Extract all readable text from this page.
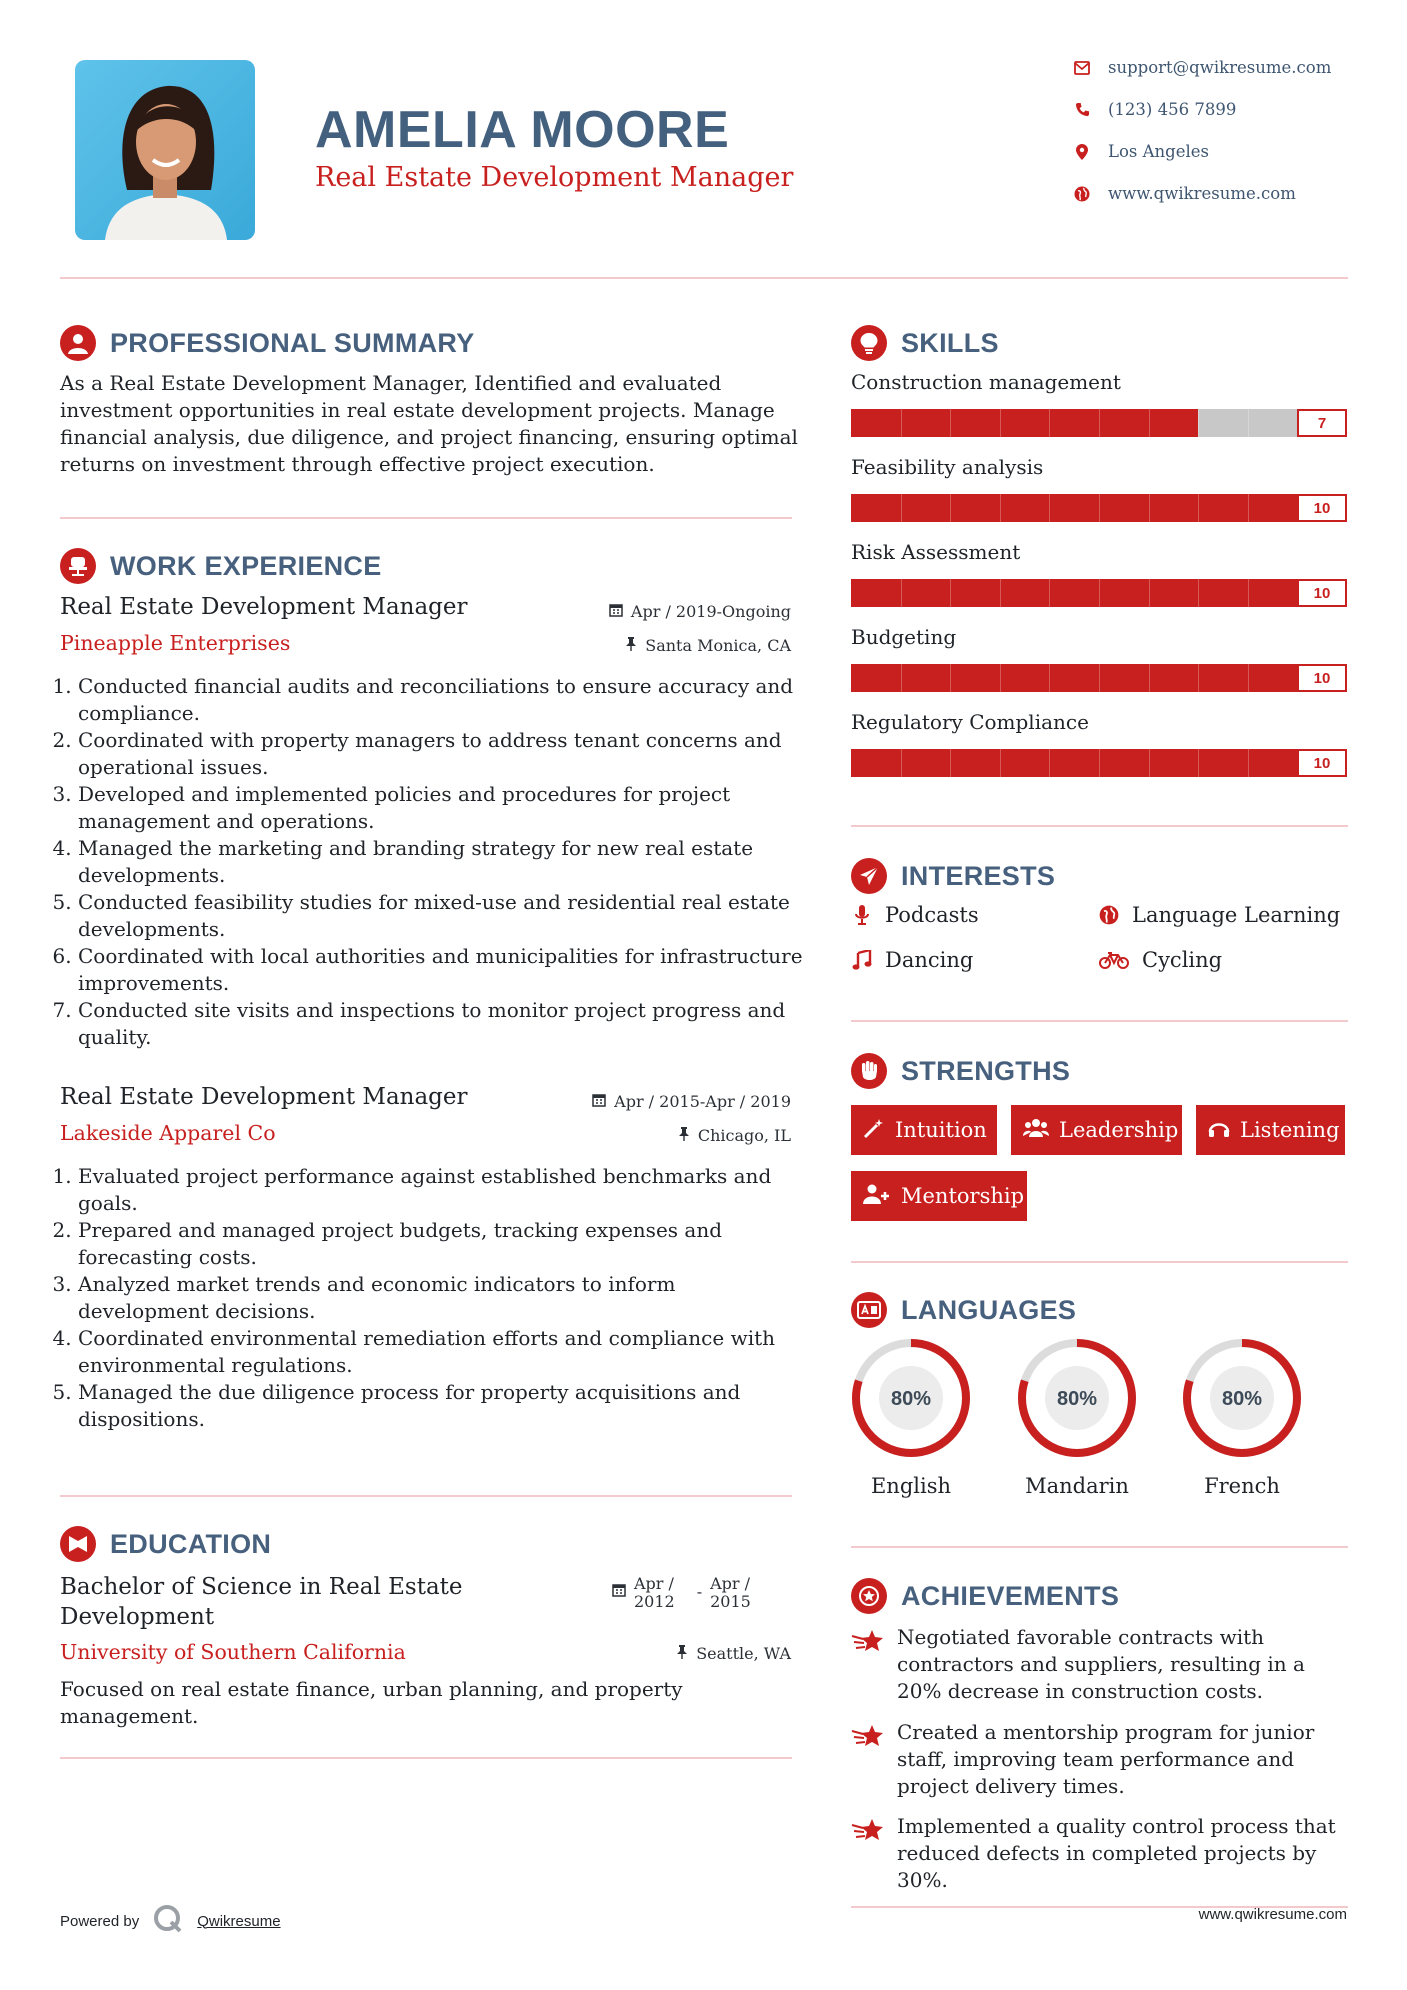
AMELIA MOORE
Real Estate Development Manager
support@qwikresume.com
(123) 456 7899
Los Angeles
www.qwikresume.com
PROFESSIONAL SUMMARY
As a Real Estate Development Manager, Identified and evaluated investment opportunities in real estate development projects. Manage financial analysis, due diligence, and project financing, ensuring optimal returns on investment through effective project execution.
WORK EXPERIENCE
Real Estate Development Manager	Apr / 2019-Ongoing
Pineapple Enterprises	Santa Monica, CA
1. Conducted financial audits and reconciliations to ensure accuracy and compliance.
2. Coordinated with property managers to address tenant concerns and operational issues.
3. Developed and implemented policies and procedures for project management and operations.
4. Managed the marketing and branding strategy for new real estate developments.
5. Conducted feasibility studies for mixed-use and residential real estate developments.
6. Coordinated with local authorities and municipalities for infrastructure improvements.
7. Conducted site visits and inspections to monitor project progress and quality.
Real Estate Development Manager	Apr / 2015-Apr / 2019
Lakeside Apparel Co	Chicago, IL
1. Evaluated project performance against established benchmarks and goals.
2. Prepared and managed project budgets, tracking expenses and forecasting costs.
3. Analyzed market trends and economic indicators to inform development decisions.
4. Coordinated environmental remediation efforts and compliance with environmental regulations.
5. Managed the due diligence process for property acquisitions and dispositions.
EDUCATION
Bachelor of Science in Real Estate
Development
Apr /
2012
- Apr /
2015
University of Southern California	Seattle, WA
Focused on real estate finance, urban planning, and property management.
SKILLS
Construction management
7
Feasibility analysis
10
Risk Assessment
10
Budgeting
10
Regulatory Compliance
10
INTERESTS
Podcasts	Language Learning
Dancing	Cycling
STRENGTHS
Intuition	Leadership	Listening
Mentorship
LANGUAGES
80%
English
80%
Mandarin
80%
French
ACHIEVEMENTS
Negotiated favorable contracts with contractors and suppliers, resulting in a 20% decrease in construction costs.
Created a mentorship program for junior staff, improving team performance and project delivery times.
Implemented a quality control process that reduced defects in completed projects by 30%.
Powered by	Qwikresume	www.qwikresume.com
